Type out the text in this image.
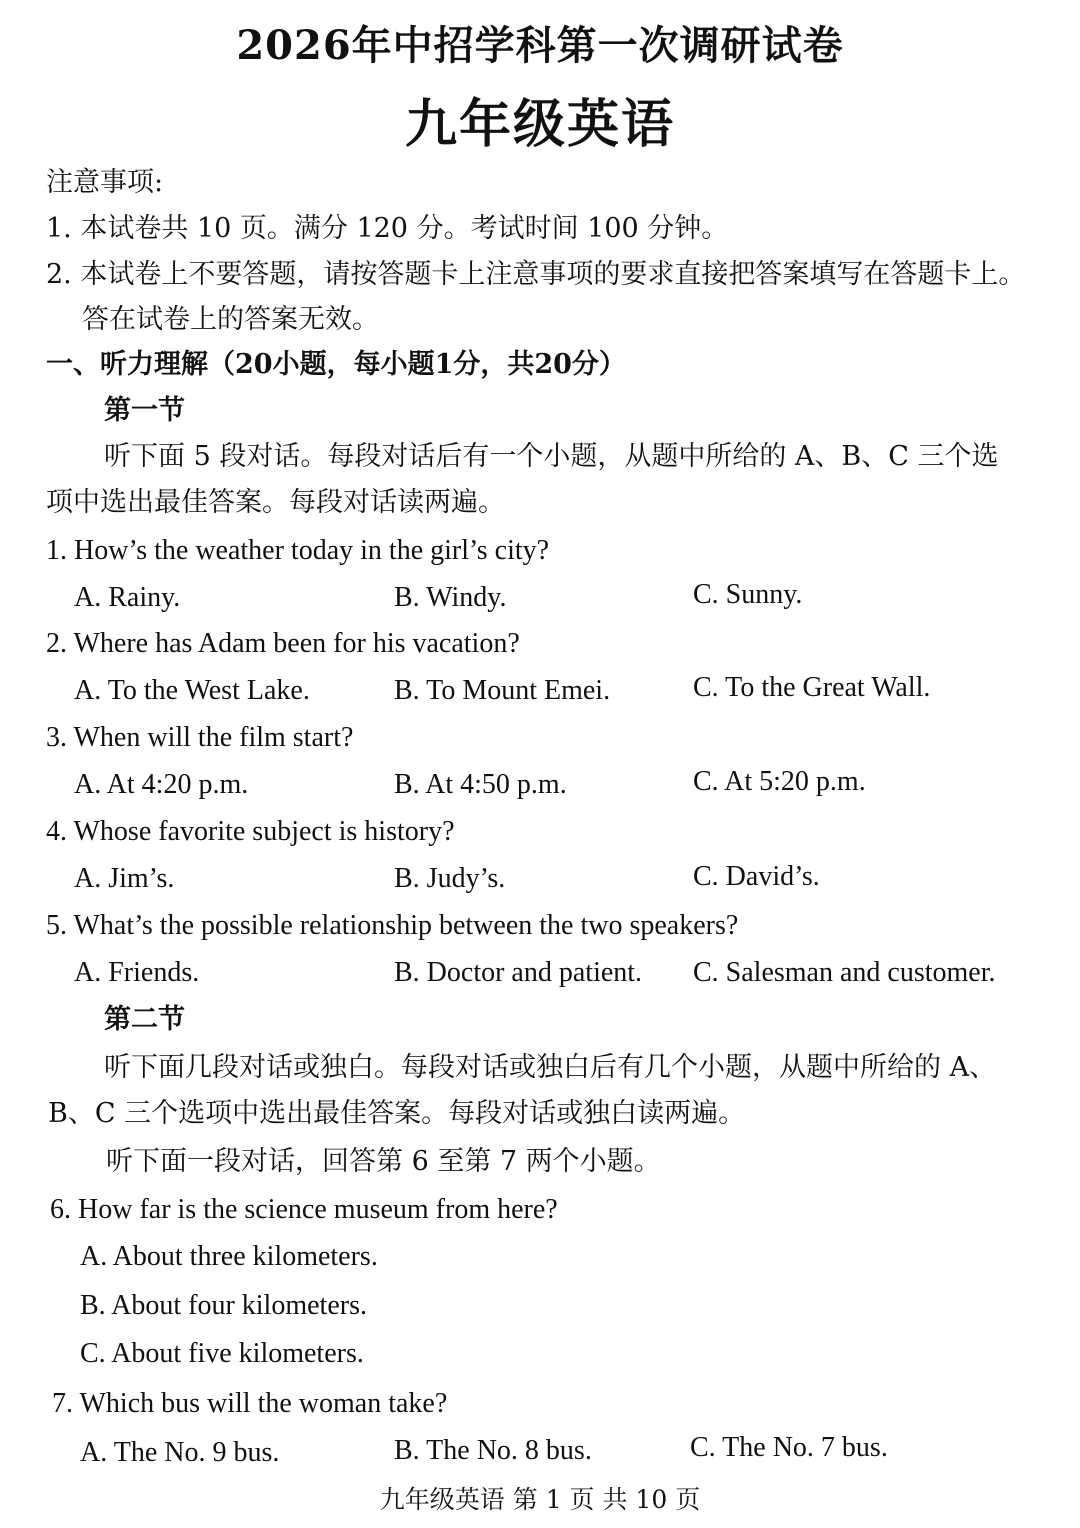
2026年中招学科第一次调研试卷
九年级英语
注意事项:
1. 本试卷共 10 页。满分 120 分。考试时间 100 分钟。
2. 本试卷上不要答题，请按答题卡上注意事项的要求直接把答案填写在答题卡上。
答在试卷上的答案无效。
一、听力理解（20小题，每小题1分，共20分）
第一节
听下面 5 段对话。每段对话后有一个小题，从题中所给的 A、B、C 三个选
项中选出最佳答案。每段对话读两遍。
1. How’s the weather today in the girl’s city?
A. Rainy.	B. Windy.	C. Sunny.
2. Where has Adam been for his vacation?
A. To the West Lake.	B. To Mount Emei.	C. To the Great Wall.
3. When will the film start?
A. At 4:20 p.m.	B. At 4:50 p.m.	C. At 5:20 p.m.
4. Whose favorite subject is history?
A. Jim’s.	B. Judy’s.	C. David’s.
5. What’s the possible relationship between the two speakers?
A. Friends.	B. Doctor and patient. C. Salesman and customer.
第二节
听下面几段对话或独白。每段对话或独白后有几个小题，从题中所给的 A、
B、C 三个选项中选出最佳答案。每段对话或独白读两遍。
听下面一段对话，回答第 6 至第 7 两个小题。
6. How far is the science museum from here?
A. About three kilometers.
B. About four kilometers.
C. About five kilometers.
7. Which bus will the woman take?
A. The No. 9 bus.	B. The No. 8 bus.	C. The No. 7 bus.
九年级英语 第 1 页 共 10 页
